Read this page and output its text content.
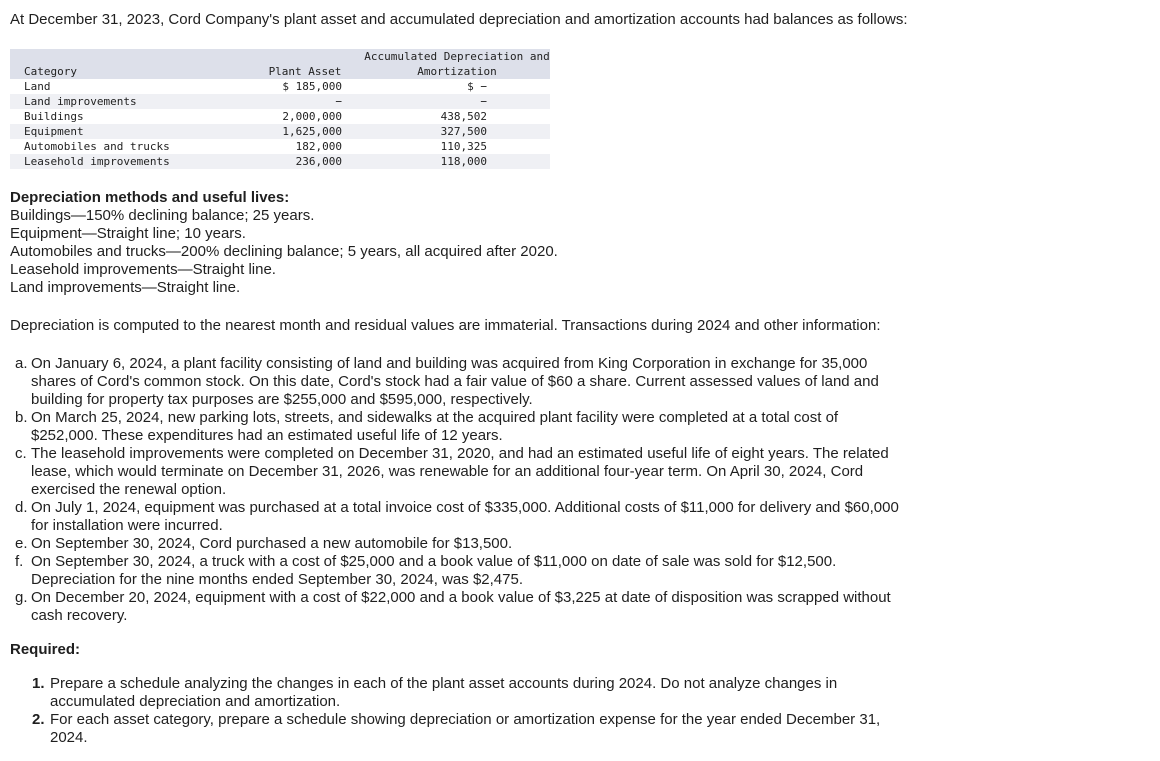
At December 31, 2023, Cord Company's plant asset and accumulated depreciation and amortization accounts had balances as follows:
		Accumulated Depreciation and
Category	Plant Asset	Amortization
Land	$ 185,000	$ −
Land improvements	−	−
Buildings	2,000,000	438,502
Equipment	1,625,000	327,500
Automobiles and trucks	182,000	110,325
Leasehold improvements	236,000	118,000
Depreciation methods and useful lives:
Buildings—150% declining balance; 25 years.
Equipment—Straight line; 10 years.
Automobiles and trucks—200% declining balance; 5 years, all acquired after 2020.
Leasehold improvements—Straight line.
Land improvements—Straight line.
Depreciation is computed to the nearest month and residual values are immaterial. Transactions during 2024 and other information:
a. On January 6, 2024, a plant facility consisting of land and building was acquired from King Corporation in exchange for 35,000
shares of Cord's common stock. On this date, Cord's stock had a fair value of $60 a share. Current assessed values of land and
building for property tax purposes are $255,000 and $595,000, respectively.
b. On March 25, 2024, new parking lots, streets, and sidewalks at the acquired plant facility were completed at a total cost of
$252,000. These expenditures had an estimated useful life of 12 years.
c. The leasehold improvements were completed on December 31, 2020, and had an estimated useful life of eight years. The related
lease, which would terminate on December 31, 2026, was renewable for an additional four-year term. On April 30, 2024, Cord
exercised the renewal option.
d. On July 1, 2024, equipment was purchased at a total invoice cost of $335,000. Additional costs of $11,000 for delivery and $60,000
for installation were incurred.
e. On September 30, 2024, Cord purchased a new automobile for $13,500.
f. On September 30, 2024, a truck with a cost of $25,000 and a book value of $11,000 on date of sale was sold for $12,500.
Depreciation for the nine months ended September 30, 2024, was $2,475.
g. On December 20, 2024, equipment with a cost of $22,000 and a book value of $3,225 at date of disposition was scrapped without
cash recovery.
Required:
1. Prepare a schedule analyzing the changes in each of the plant asset accounts during 2024. Do not analyze changes in
accumulated depreciation and amortization.
2. For each asset category, prepare a schedule showing depreciation or amortization expense for the year ended December 31,
2024.
